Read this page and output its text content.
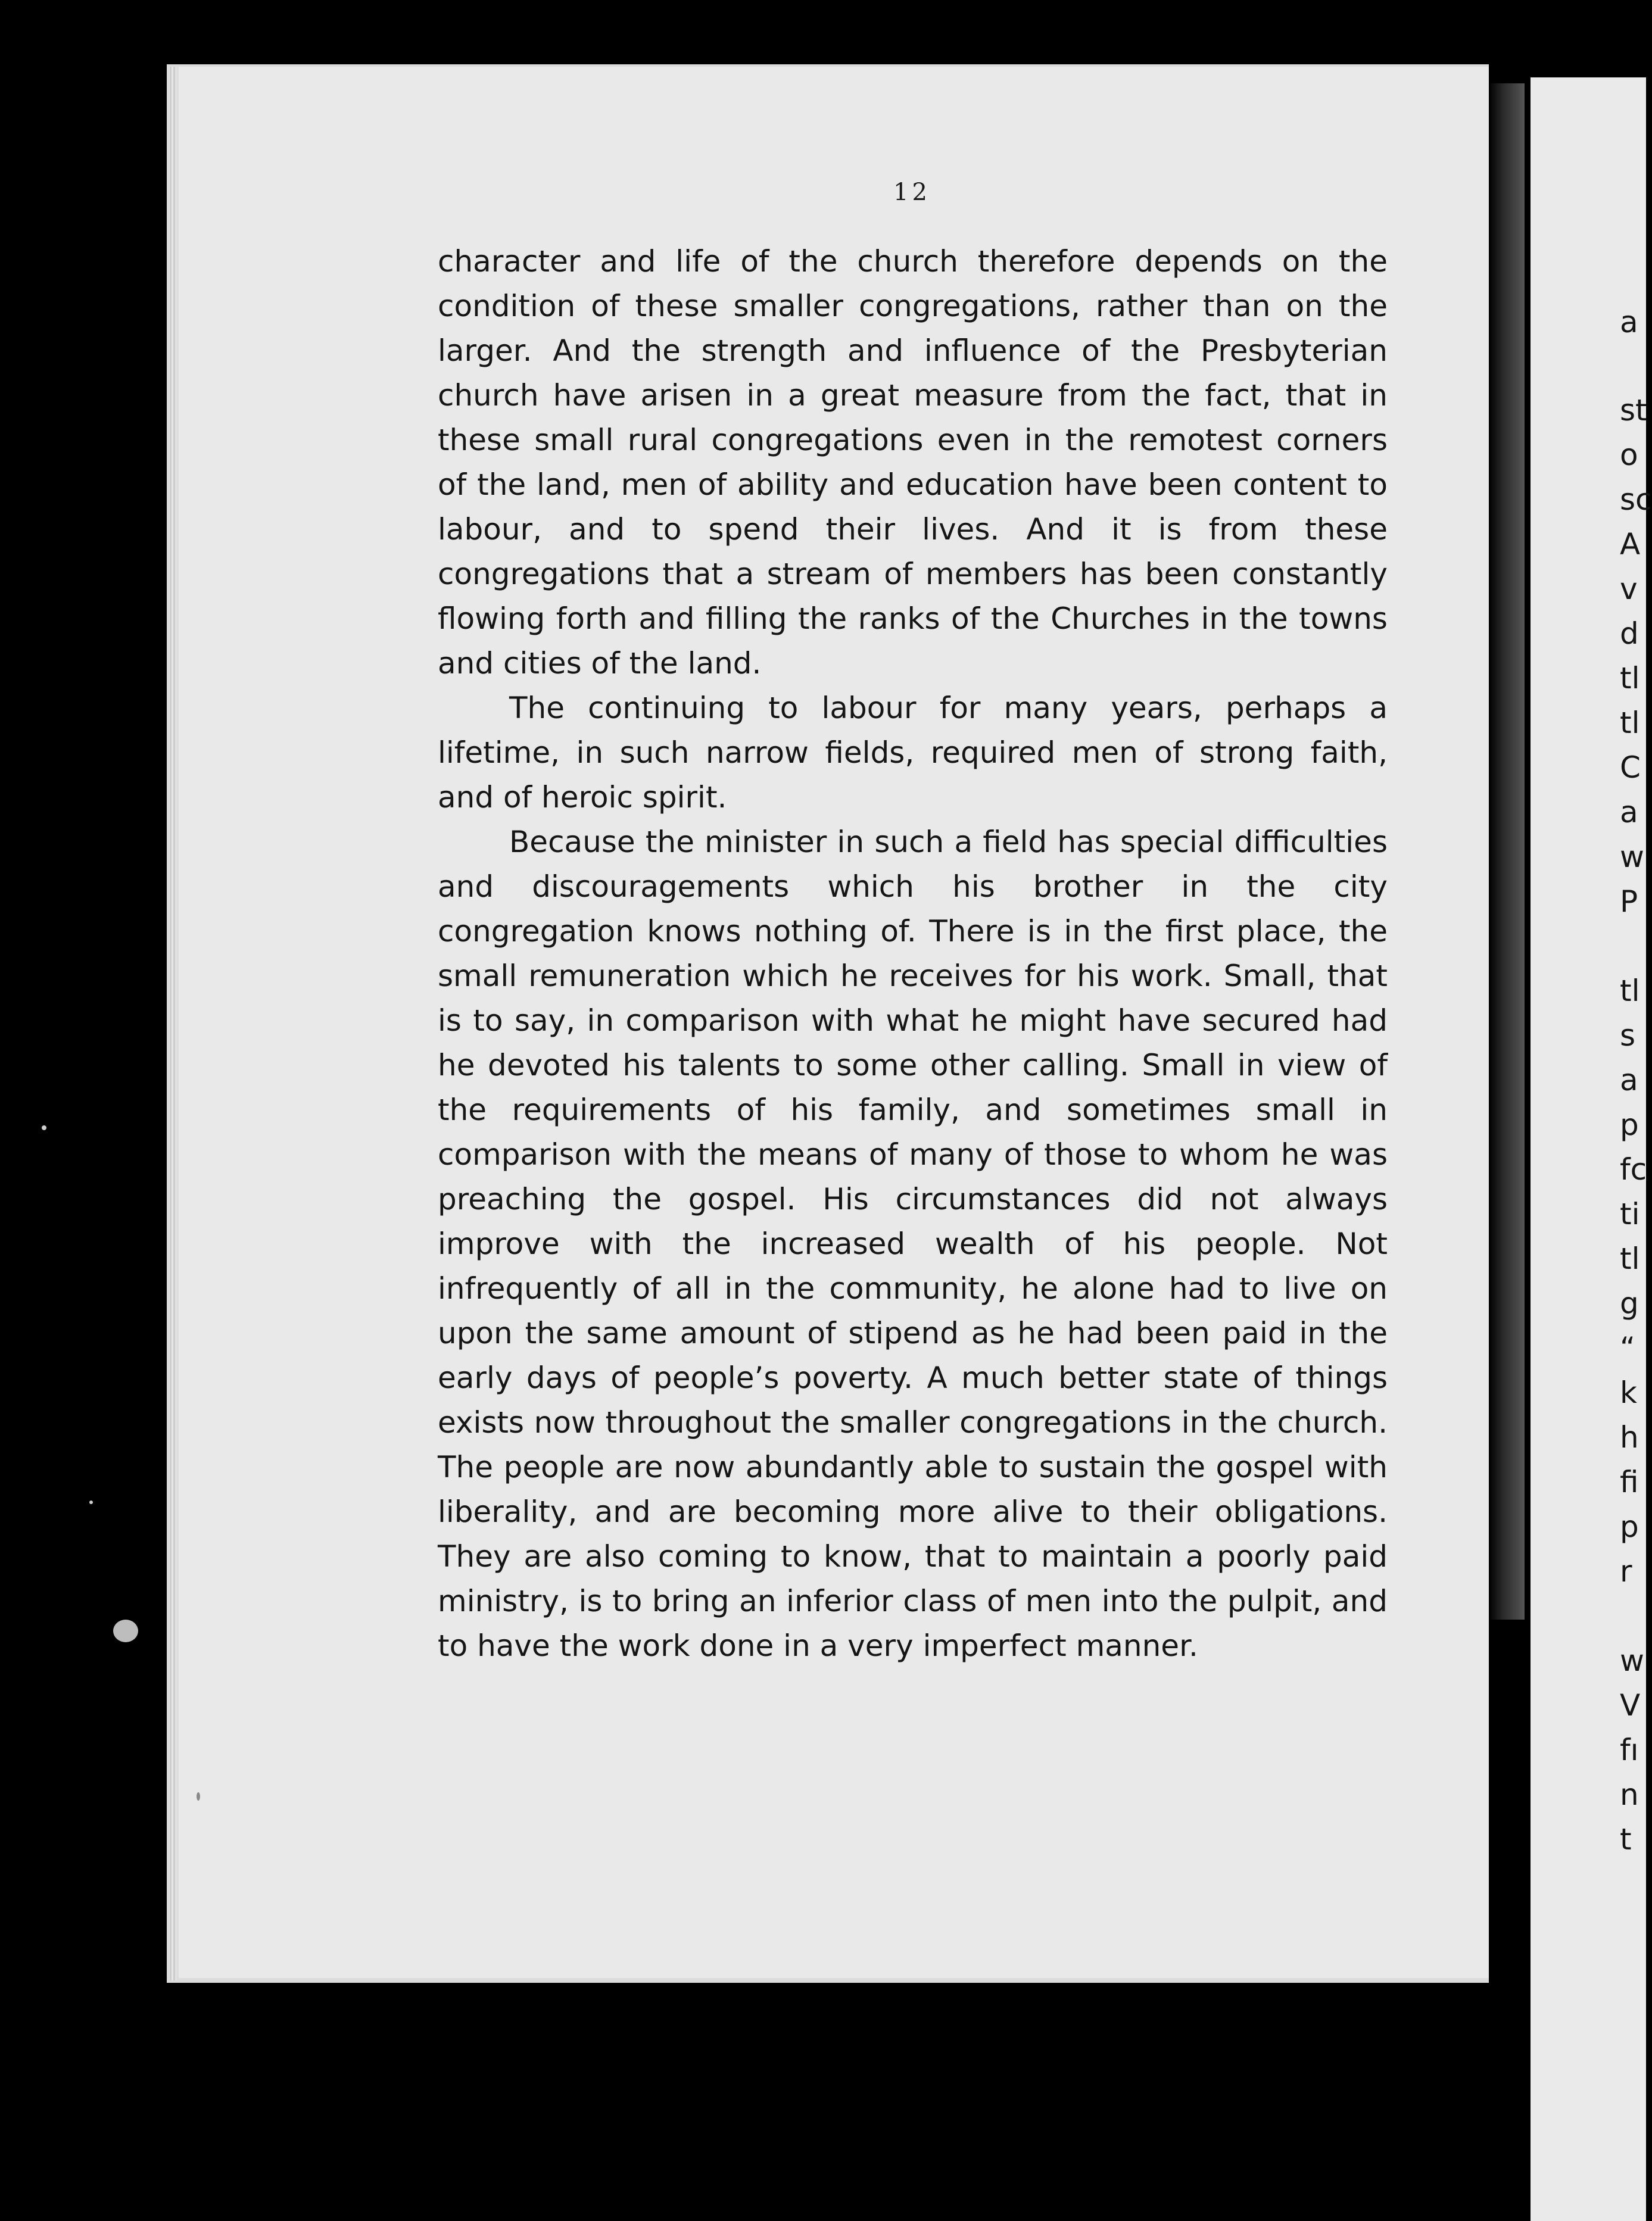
12

character and life of the church therefore depends on the condition of these smaller congregations, rather than on the larger. And the strength and influence of the Presbyterian church have arisen in a great measure from the fact, that in these small rural congregations even in the remotest corners of the land, men of ability and education have been content to labour, and to spend their lives. And it is from these congregations that a stream of members has been constantly flowing forth and filling the ranks of the Churches in the towns and cities of the land.

The continuing to labour for many years, perhaps a lifetime, in such narrow fields, required men of strong faith, and of heroic spirit.

Because the minister in such a field has special difficulties and discouragements which his brother in the city congregation knows nothing of. There is in the first place, the small remuneration which he receives for his work. Small, that is to say, in comparison with what he might have secured had he devoted his talents to some other calling. Small in view of the requirements of his family, and sometimes small in comparison with the means of many of those to whom he was preaching the gospel. His circumstances did not always improve with the increased wealth of his people. Not infrequently of all in the community, he alone had to live on upon the same amount of stipend as he had been paid in the early days of people’s poverty. A much better state of things exists now throughout the smaller congregations in the church. The people are now abundantly able to sustain the gospel with liberality, and are becoming more alive to their obligations. They are also coming to know, that to maintain a poorly paid ministry, is to bring an inferior class of men into the pulpit, and to have the work done in a very imperfect manner.

a
st
o
sc
A
v
d
tl
tl
C
a
w
P
tl
s
a
p
fc
ti
tl
g
“
k
h
fi
p
r
w
V
fı
n
t
